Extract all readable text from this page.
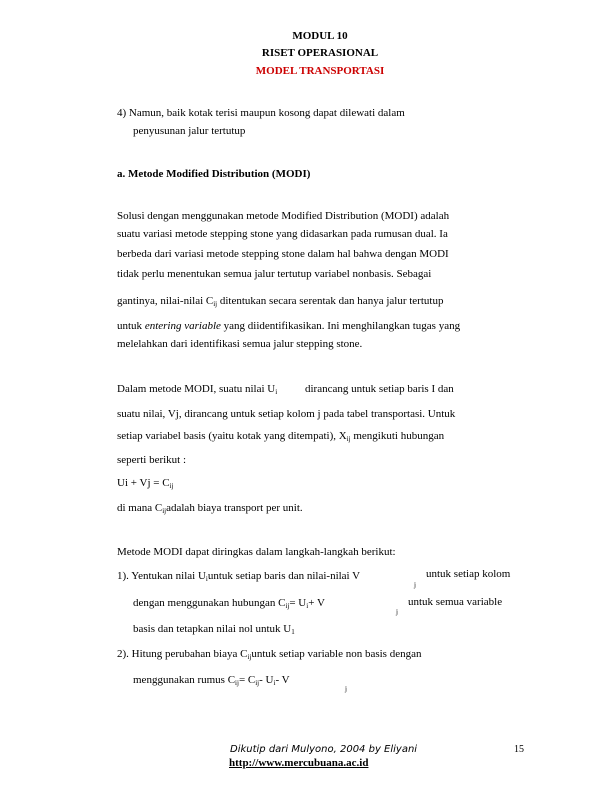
MODUL 10
RISET OPERASIONAL
MODEL TRANSPORTASI
4) Namun, baik kotak terisi maupun kosong dapat dilewati dalam
penyusunan jalur tertutup
a. Metode Modified Distribution (MODI)
Solusi dengan menggunakan metode Modified Distribution (MODI) adalah
suatu variasi metode stepping stone yang didasarkan pada rumusan dual. Ia
berbeda dari variasi metode stepping stone dalam hal bahwa dengan MODI
tidak perlu menentukan semua jalur tertutup variabel nonbasis. Sebagai
gantinya, nilai-nilai $C_{ij}$ ditentukan secara serentak dan hanya jalur tertutup
untuk entering variable yang diidentifikasikan. Ini menghilangkan tugas yang
melelahkan dari identifikasi semua jalur stepping stone.
Dalam metode MODI, suatu nilai $U_i$	dirancang untuk setiap baris I dan
suatu nilai, Vj, dirancang untuk setiap kolom j pada tabel transportasi. Untuk
setiap variabel basis (yaitu kotak yang ditempati), $X_{ij}$ mengikuti hubungan
seperti berikut :
$Ui + Vj = C_{ij}$
di mana $C_{ij}adalah$ biaya transport per unit.
Metode MODI dapat diringkas dalam langkah-langkah berikut:
1). Yentukan nilai $U_iuntuk$ setiap baris dan nilai-nilai V
$_j$
untuk setiap kolom
dengan menggunakan hubungan $C_{ij}= U_i+ V$
$_j$
untuk semua variable
basis dan tetapkan nilai nol untuk $U_1$
2). Hitung perubahan biaya $C_{ij}untuk$ setiap variable non basis dengan
menggunakan rumus $C_{ij}= C_{ij}-$ $U_i-$ V
$_j$
Dikutip dari Mulyono, 2004 by Eliyani
http://www.mercubuana.ac.id
15
